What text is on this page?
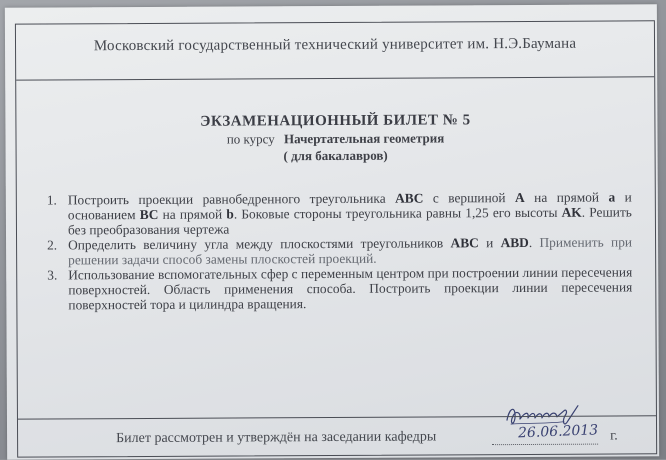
Московский государственный технический университет им. Н.Э.Баумана
ЭКЗАМЕНАЦИОННЫЙ БИЛЕТ № 5
по курсу Начертательная геометрия
( для бакалавров)
1. Построить проекции равнобедренного треугольника ABC с вершиной A на прямой a и основанием BC на прямой b. Боковые стороны треугольника равны 1,25 его высоты AK. Решить без преобразования чертежа
2. Определить величину угла между плоскостями треугольников ABC и ABD. Применить при решении задачи способ замены плоскостей проекций.
3. Использование вспомогательных сфер с переменным центром при построении линии пересечения поверхностей. Область применения способа. Построить проекции линии пересечения поверхностей тора и цилиндра вращения.
Билет рассмотрен и утверждён на заседании кафедры	26.06.2013 г.
